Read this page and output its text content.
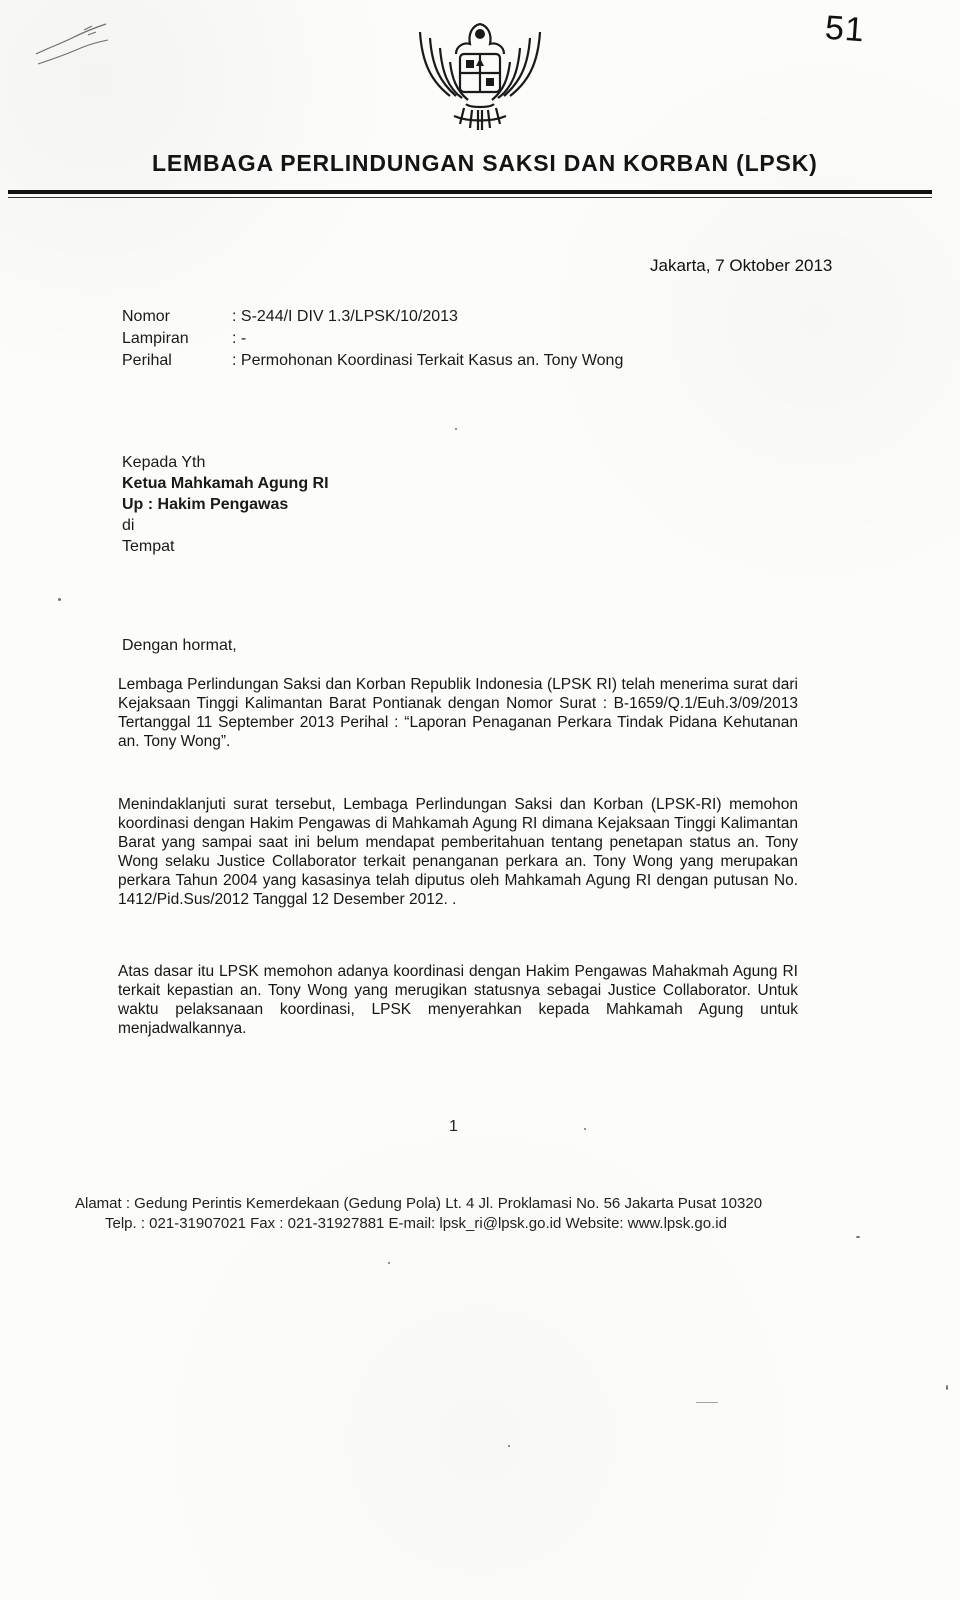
51
LEMBAGA PERLINDUNGAN SAKSI DAN KORBAN (LPSK)
Jakarta, 7 Oktober 2013
Nomor	: S-244/I DIV 1.3/LPSK/10/2013
Lampiran	: -
Perihal	: Permohonan Koordinasi Terkait Kasus an. Tony Wong
Kepada Yth
Ketua Mahkamah Agung RI
Up : Hakim Pengawas
di
Tempat
Dengan hormat,
Lembaga Perlindungan Saksi dan Korban Republik Indonesia (LPSK RI) telah menerima surat dari Kejaksaan Tinggi Kalimantan Barat Pontianak dengan Nomor Surat : B-1659/Q.1/Euh.3/09/2013 Tertanggal 11 September 2013 Perihal : “Laporan Penaganan Perkara Tindak Pidana Kehutanan an. Tony Wong”.
Menindaklanjuti surat tersebut, Lembaga Perlindungan Saksi dan Korban (LPSK-RI) memohon koordinasi dengan Hakim Pengawas di Mahkamah Agung RI dimana Kejaksaan Tinggi Kalimantan Barat yang sampai saat ini belum mendapat pemberitahuan tentang penetapan status an. Tony Wong selaku Justice Collaborator terkait penanganan perkara an. Tony Wong yang merupakan perkara Tahun 2004 yang kasasinya telah diputus oleh Mahkamah Agung RI dengan putusan No. 1412/Pid.Sus/2012 Tanggal 12 Desember 2012. .
Atas dasar itu LPSK memohon adanya koordinasi dengan Hakim Pengawas Mahakmah Agung RI terkait kepastian an. Tony Wong yang merugikan statusnya sebagai Justice Collaborator. Untuk waktu pelaksanaan koordinasi, LPSK menyerahkan kepada Mahkamah Agung untuk menjadwalkannya.
1
Alamat : Gedung Perintis Kemerdekaan (Gedung Pola) Lt. 4 Jl. Proklamasi No. 56 Jakarta Pusat 10320
Telp. : 021-31907021 Fax : 021-31927881 E-mail: lpsk_ri@lpsk.go.id Website: www.lpsk.go.id
